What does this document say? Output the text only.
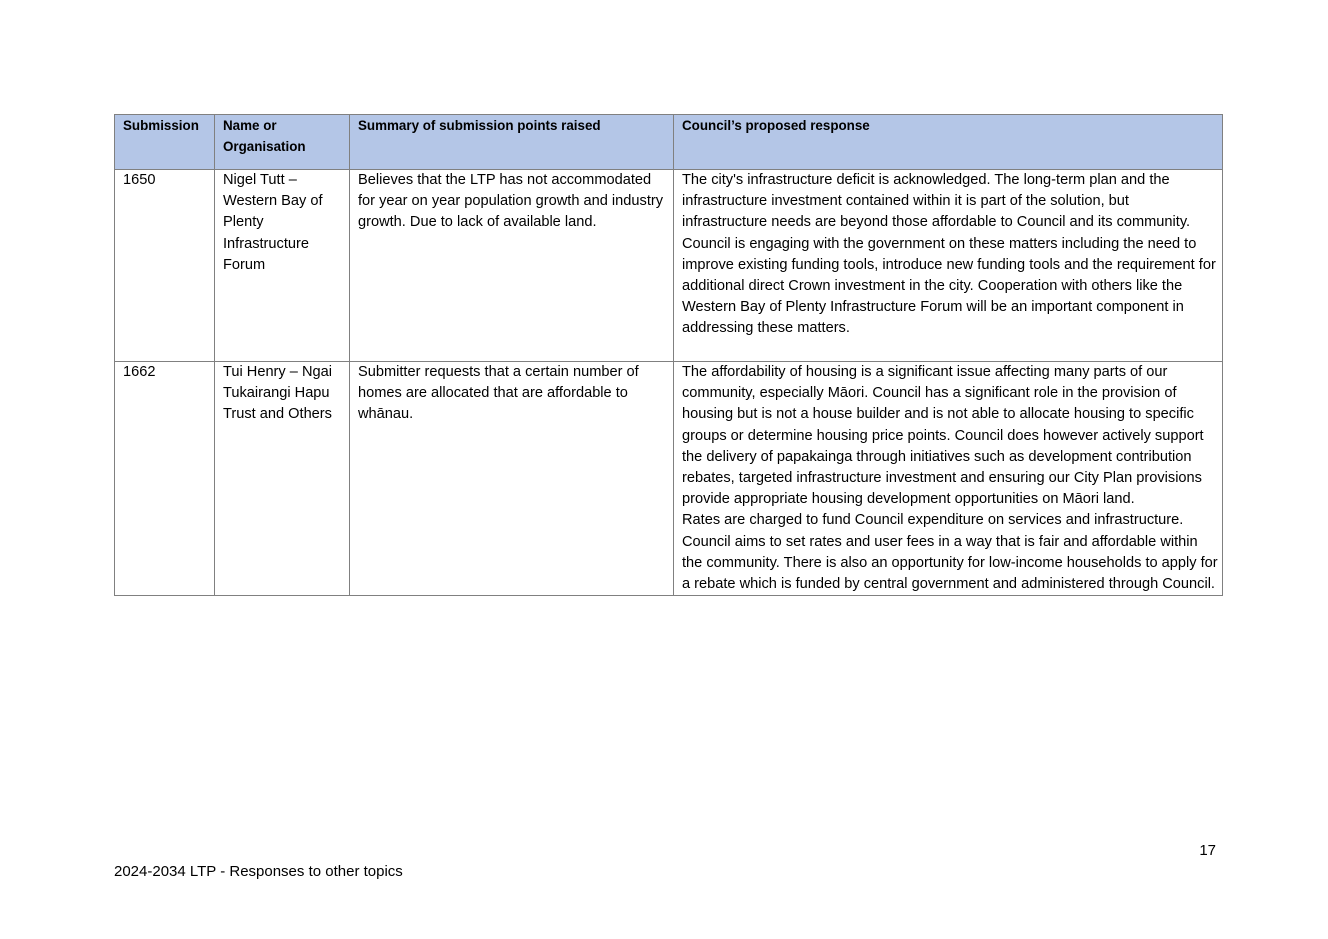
Submission	Name or Organisation	Summary of submission points raised	Council’s proposed response
1650	Nigel Tutt – Western Bay of Plenty Infrastructure Forum	Believes that the LTP has not accommodated for year on year population growth and industry growth. Due to lack of available land.	The city's infrastructure deficit is acknowledged. The long-term plan and the infrastructure investment contained within it is part of the solution, but infrastructure needs are beyond those affordable to Council and its community. Council is engaging with the government on these matters including the need to improve existing funding tools, introduce new funding tools and the requirement for additional direct Crown investment in the city. Cooperation with others like the Western Bay of Plenty Infrastructure Forum will be an important component in addressing these matters.

1662	Tui Henry – Ngai Tukairangi Hapu Trust and Others	Submitter requests that a certain number of homes are allocated that are affordable to whānau.	The affordability of housing is a significant issue affecting many parts of our community, especially Māori. Council has a significant role in the provision of housing but is not a house builder and is not able to allocate housing to specific groups or determine housing price points. Council does however actively support the delivery of papakainga through initiatives such as development contribution rebates, targeted infrastructure investment and ensuring our City Plan provisions provide appropriate housing development opportunities on Māori land.
Rates are charged to fund Council expenditure on services and infrastructure. Council aims to set rates and user fees in a way that is fair and affordable within the community. There is also an opportunity for low-income households to apply for a rebate which is funded by central government and administered through Council.
17
2024-2034 LTP - Responses to other topics
